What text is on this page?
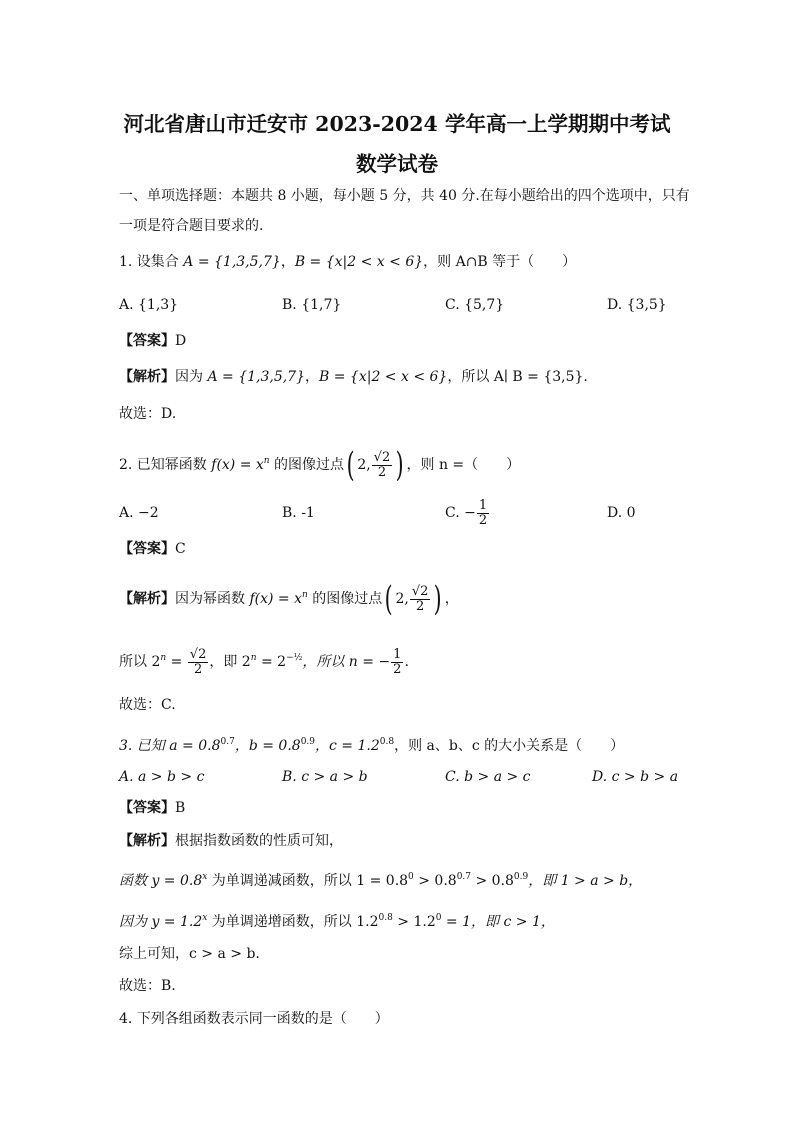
河北省唐山市迁安市 2023-2024 学年高一上学期期中考试
数学试卷
一、单项选择题：本题共 8 小题，每小题 5 分，共 40 分.在每小题给出的四个选项中，只有
一项是符合题目要求的.
1. 设集合 A = {1,3,5,7}，B = {x|2 < x < 6}，则 A∩B 等于（　　）
A. {1,3}	B. {1,7}	C. {5,7}	D. {3,5}
【答案】D
【解析】因为 A = {1,3,5,7}，B = {x|2 < x < 6}，所以 A∣ B = {3,5}.
故选：D.
2. 已知幂函数 $f(x) = x^n$ 的图像过点( 2, $\frac{√2}{2}$ ) ，则 n =（　　）
A. −2	B. -1	C. − $\frac{1}{2}$	D. 0
【答案】C
【解析】因为幂函数 $f(x) = x^n$ 的图像过点( 2, $\frac{√2}{2}$ ) ，
所以 $2^n = \frac{√2}{2}$ ，即 $2^n = 2^{-\frac{1}{2}}$，所以 n = − $\frac{1}{2}$ .
故选：C.
3. 已知 $a = 0.8^{0.7}$，$b = 0.8^{0.9}$，$c = 1.2^{0.8}$，则 a、b、c 的大小关系是（　　）
A. a > b > c	B. c > a > b	C. b > a > c	D. c > b > a
【答案】B
【解析】根据指数函数的性质可知，
函数 $y = 0.8^x$ 为单调递减函数，所以 $1 = 0.8^0 > 0.8^{0.7} > 0.8^{0.9}$，即 1 > a > b，
因为 $y = 1.2^x$ 为单调递增函数，所以 $1.2^{0.8} > 1.2^0 = 1$，即 c > 1，
综上可知，c > a > b.
故选：B.
4. 下列各组函数表示同一函数的是（　　）
